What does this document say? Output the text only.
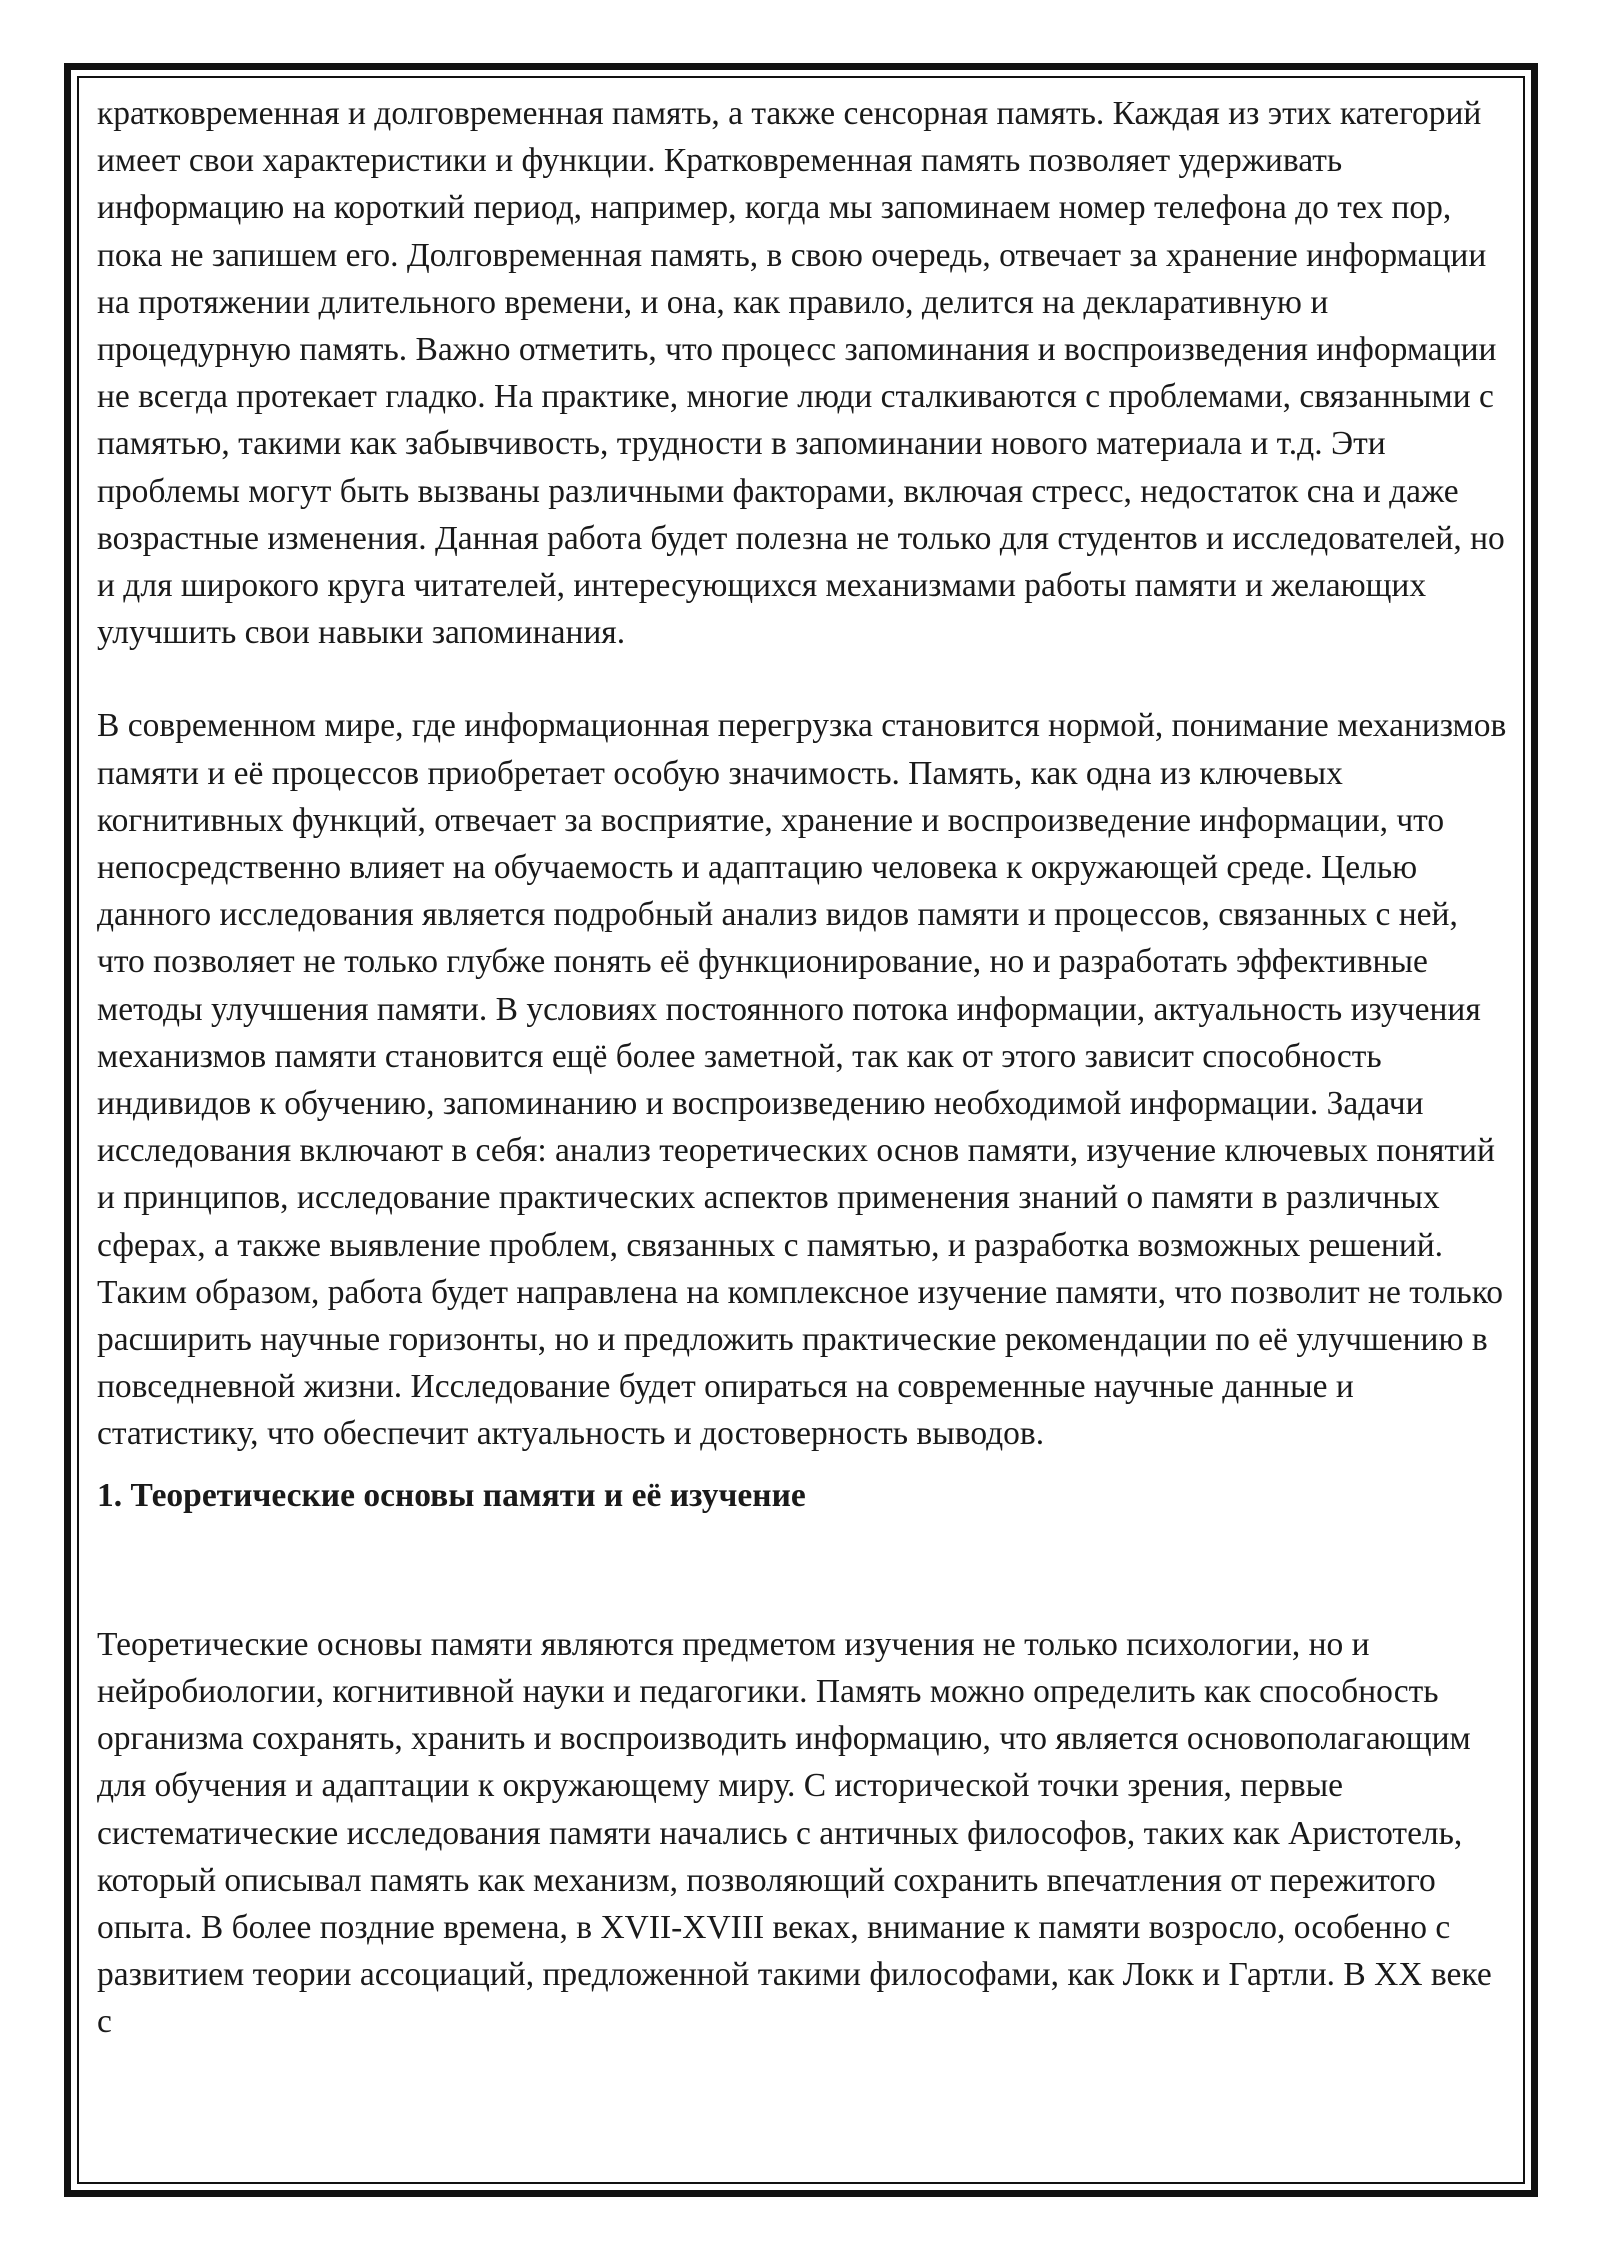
кратковременная и долговременная память, а также сенсорная память. Каждая из этих категорий имеет свои характеристики и функции. Кратковременная память позволяет удерживать информацию на короткий период, например, когда мы запоминаем номер телефона до тех пор, пока не запишем его. Долговременная память, в свою очередь, отвечает за хранение информации на протяжении длительного времени, и она, как правило, делится на декларативную и процедурную память. Важно отметить, что процесс запоминания и воспроизведения информации не всегда протекает гладко. На практике, многие люди сталкиваются с проблемами, связанными с памятью, такими как забывчивость, трудности в запоминании нового материала и т.д. Эти проблемы могут быть вызваны различными факторами, включая стресс, недостаток сна и даже возрастные изменения. Данная работа будет полезна не только для студентов и исследователей, но и для широкого круга читателей, интересующихся механизмами работы памяти и желающих улучшить свои навыки запоминания.

В современном мире, где информационная перегрузка становится нормой, понимание механизмов памяти и её процессов приобретает особую значимость. Память, как одна из ключевых когнитивных функций, отвечает за восприятие, хранение и воспроизведение информации, что непосредственно влияет на обучаемость и адаптацию человека к окружающей среде. Целью данного исследования является подробный анализ видов памяти и процессов, связанных с ней, что позволяет не только глубже понять её функционирование, но и разработать эффективные методы улучшения памяти. В условиях постоянного потока информации, актуальность изучения механизмов памяти становится ещё более заметной, так как от этого зависит способность индивидов к обучению, запоминанию и воспроизведению необходимой информации. Задачи исследования включают в себя: анализ теоретических основ памяти, изучение ключевых понятий и принципов, исследование практических аспектов применения знаний о памяти в различных сферах, а также выявление проблем, связанных с памятью, и разработка возможных решений. Таким образом, работа будет направлена на комплексное изучение памяти, что позволит не только расширить научные горизонты, но и предложить практические рекомендации по её улучшению в повседневной жизни. Исследование будет опираться на современные научные данные и статистику, что обеспечит актуальность и достоверность выводов.

1. Теоретические основы памяти и её изучение

Теоретические основы памяти являются предметом изучения не только психологии, но и нейробиологии, когнитивной науки и педагогики. Память можно определить как способность организма сохранять, хранить и воспроизводить информацию, что является основополагающим для обучения и адаптации к окружающему миру. С исторической точки зрения, первые систематические исследования памяти начались с античных философов, таких как Аристотель, который описывал память как механизм, позволяющий сохранить впечатления от пережитого опыта. В более поздние времена, в XVII-XVIII веках, внимание к памяти возросло, особенно с развитием теории ассоциаций, предложенной такими философами, как Локк и Гартли. В XX веке с
